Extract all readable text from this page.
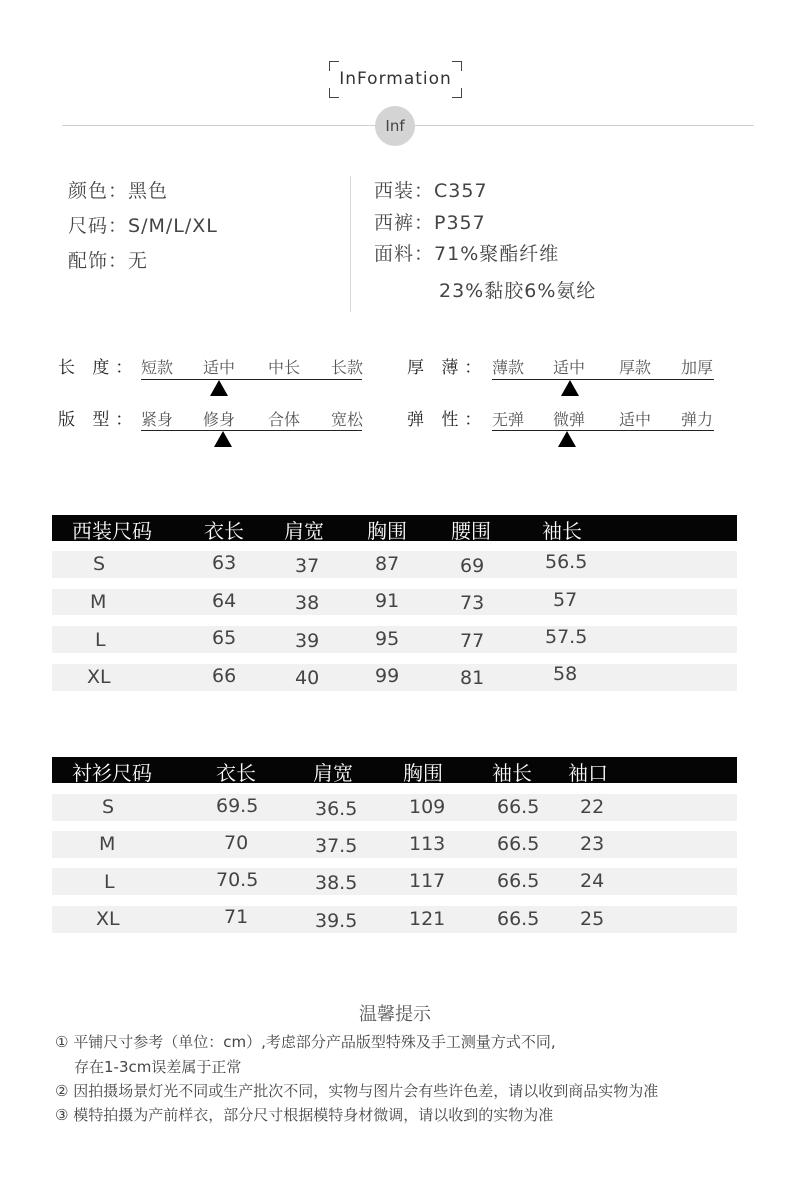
InFormation
Inf
颜色：黑色
尺码：S/M/L/XL
配饰：无
西装：C357
西裤：P357
面料：71%聚酯纤维
23%黏胶6%氨纶
长 度： 短款 适中 中长 长款
版 型： 紧身 修身 合体 宽松
厚 薄： 薄款 适中 厚款 加厚
弹 性： 无弹 微弹 适中 弹力
西装尺码	衣长 肩宽 胸围 腰围	袖长
S	63	37	87	69	56.5
M	64	38	91	73	57
L	65	39	95	77	57.5
XL	66	40	99	81	58
衬衫尺码	衣长	肩宽	胸围 袖长 袖口
S	69.5	36.5	109	66.5 22
M	70	37.5	113	66.5 23
L	70.5	38.5	117	66.5 24
XL	71	39.5	121	66.5 25
温馨提示
① 平铺尺寸参考（单位：cm）,考虑部分产品版型特殊及手工测量方式不同,
存在1-3cm误差属于正常
② 因拍摄场景灯光不同或生产批次不同，实物与图片会有些许色差，请以收到商品实物为准
③ 模特拍摄为产前样衣，部分尺寸根据模特身材微调，请以收到的实物为准
